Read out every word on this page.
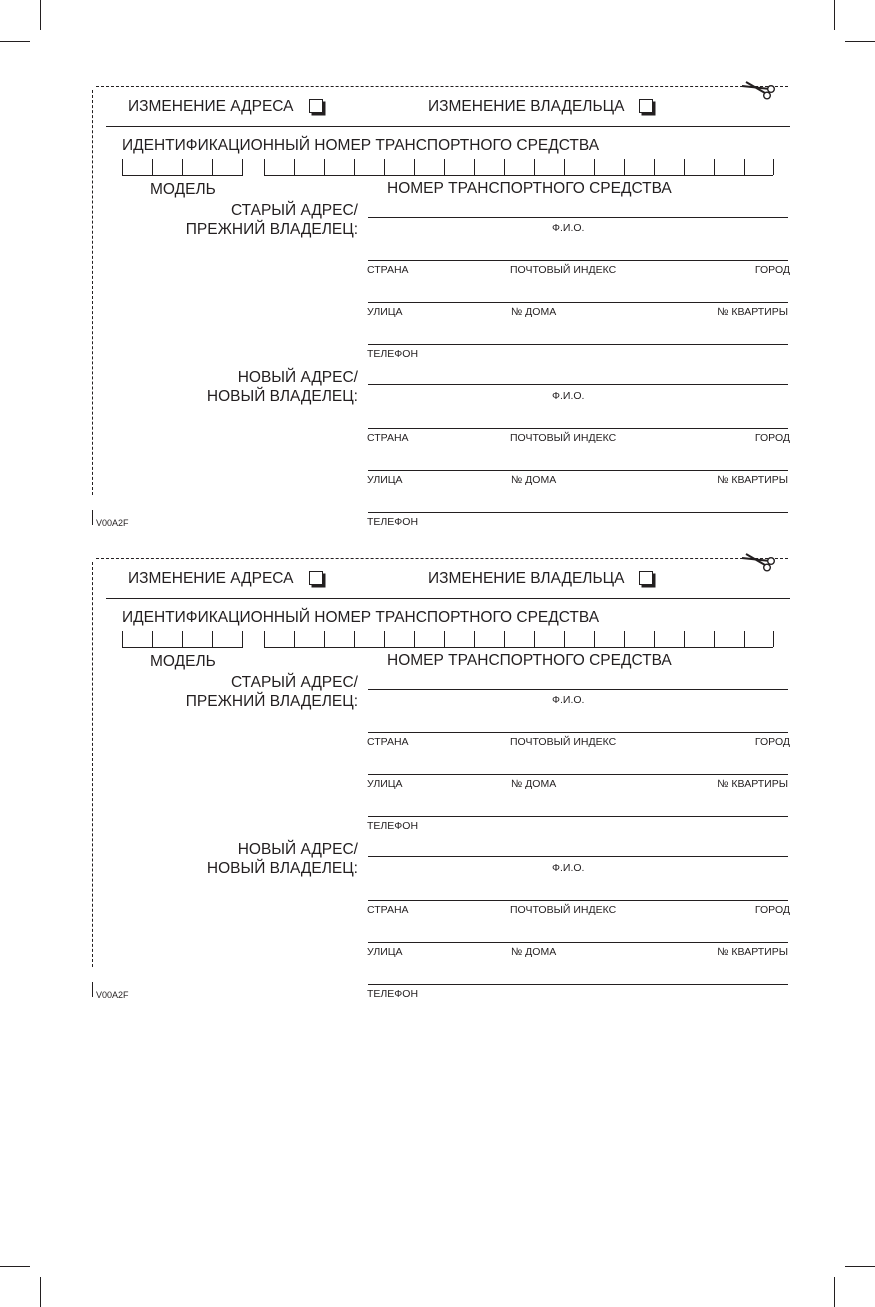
ИЗМЕНЕНИЕ АДРЕСА	ИЗМЕНЕНИЕ ВЛАДЕЛЬЦА
ИДЕНТИФИКАЦИОННЫЙ НОМЕР ТРАНСПОРТНОГО СРЕДСТВА
МОДЕЛЬ	НОМЕР ТРАНСПОРТНОГО СРЕДСТВА
СТАРЫЙ АДРЕС/
ПРЕЖНИЙ ВЛАДЕЛЕЦ:	Ф.И.О.
СТРАНА	ПОЧТОВЫЙ ИНДЕКС	ГОРОД
УЛИЦА	№ ДОМА	№ КВАРТИРЫ
ТЕЛЕФОН
НОВЫЙ АДРЕС/
НОВЫЙ ВЛАДЕЛЕЦ:	Ф.И.О.
СТРАНА	ПОЧТОВЫЙ ИНДЕКС	ГОРОД
УЛИЦА	№ ДОМА	№ КВАРТИРЫ
ТЕЛЕФОН
V00A2F
ИЗМЕНЕНИЕ АДРЕСА	ИЗМЕНЕНИЕ ВЛАДЕЛЬЦА
ИДЕНТИФИКАЦИОННЫЙ НОМЕР ТРАНСПОРТНОГО СРЕДСТВА
МОДЕЛЬ	НОМЕР ТРАНСПОРТНОГО СРЕДСТВА
СТАРЫЙ АДРЕС/
ПРЕЖНИЙ ВЛАДЕЛЕЦ:	Ф.И.О.
СТРАНА	ПОЧТОВЫЙ ИНДЕКС	ГОРОД
УЛИЦА	№ ДОМА	№ КВАРТИРЫ
ТЕЛЕФОН
НОВЫЙ АДРЕС/
НОВЫЙ ВЛАДЕЛЕЦ:	Ф.И.О.
СТРАНА	ПОЧТОВЫЙ ИНДЕКС	ГОРОД
УЛИЦА	№ ДОМА	№ КВАРТИРЫ
ТЕЛЕФОН
V00A2F
